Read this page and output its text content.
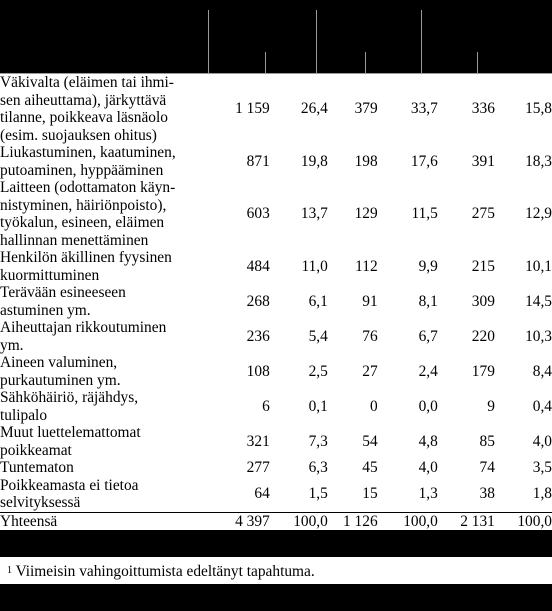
Väkivalta (eläimen tai ihmi-
sen aiheuttama), järkyttävä
tilanne, poikkeava läsnäolo
(esim. suojauksen ohitus)	1 159	26,4	379	33,7	336	15,8
Liukastuminen, kaatuminen,
putoaminen, hyppääminen	871	19,8	198	17,6	391	18,3
Laitteen (odottamaton käyn-
nistyminen, häiriönpoisto),
työkalun, esineen, eläimen
hallinnan menettäminen	603	13,7	129	11,5	275	12,9
Henkilön äkillinen fyysinen
kuormittuminen	484	11,0	112	9,9	215	10,1
Terävään esineeseen
astuminen ym.	268	6,1	91	8,1	309	14,5
Aiheuttajan rikkoutuminen
ym.	236	5,4	76	6,7	220	10,3
Aineen valuminen,
purkautuminen ym.	108	2,5	27	2,4	179	8,4
Sähköhäiriö, räjähdys,
tulipalo	6	0,1	0	0,0	9	0,4
Muut luettelemattomat
poikkeamat	321	7,3	54	4,8	85	4,0
Tuntematon	277	6,3	45	4,0	74	3,5
Poikkeamasta ei tietoa
selvityksessä	64	1,5	15	1,3	38	1,8
Yhteensä	4 397	100,0	1 126	100,0	2 131	100,0
$^1$ Viimeisin vahingoittumista edeltänyt tapahtuma.
